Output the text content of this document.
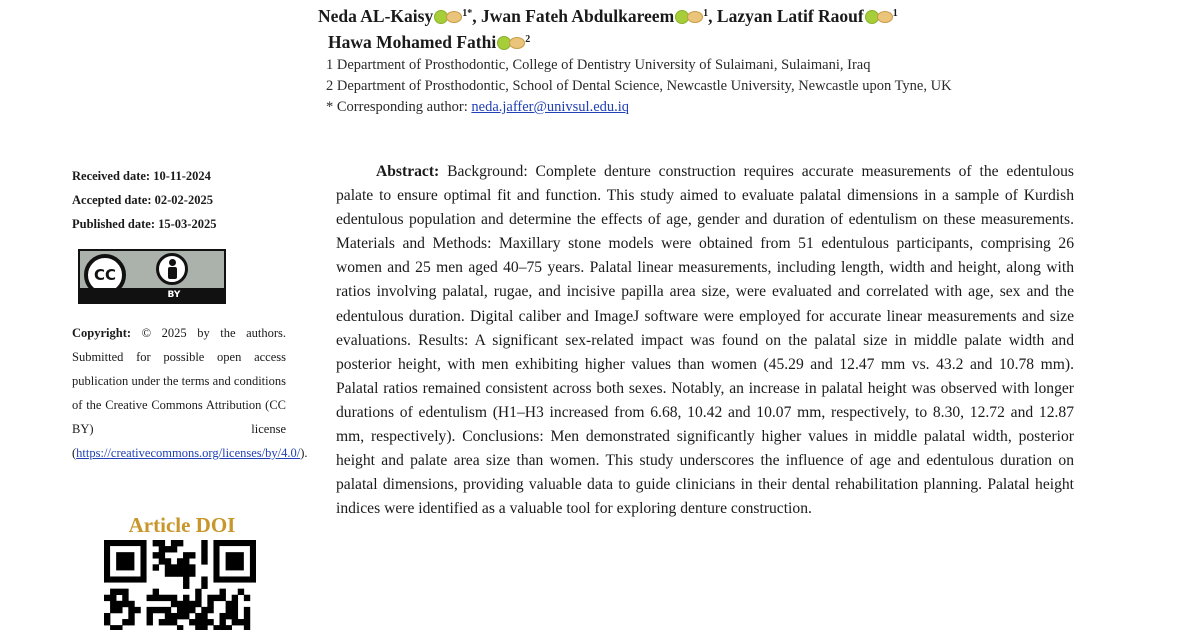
Neda AL-Kaisy	$^{1*}$, Jwan Fateh Abdulkareem	$^1$, Lazyan Latif Raouf	$^1$
Hawa Mohamed Fathi	$^2$
1 Department of Prosthodontic, College of Dentistry University of Sulaimani, Sulaimani, Iraq
2 Department of Prosthodontic, School of Dental Science, Newcastle University, Newcastle upon Tyne, UK
* Corresponding author: neda.jaffer@univsul.edu.iq
Received date: 10-11-2024
Accepted date: 02-02-2025
Published date: 15-03-2025
CC
BY
Copyright: © 2025 by the authors. Submitted for possible open access publication under the terms and conditions of the Creative Commons Attribution (CC BY) license (https://creativecommons.org/licenses/by/4.0/).
Article DOI
Abstract: Background: Complete denture construction requires accurate measurements of the edentulous palate to ensure optimal fit and function. This study aimed to evaluate palatal dimensions in a sample of Kurdish edentulous population and determine the effects of age, gender and duration of edentulism on these measurements. Materials and Methods: Maxillary stone models were obtained from 51 edentulous participants, comprising 26 women and 25 men aged 40–75 years. Palatal linear measurements, including length, width and height, along with ratios involving palatal, rugae, and incisive papilla area size, were evaluated and correlated with age, sex and the edentulous duration. Digital caliber and ImageJ software were employed for accurate linear measurements and size evaluations. Results: A significant sex-related impact was found on the palatal size in middle palate width and posterior height, with men exhibiting higher values than women (45.29 and 12.47 mm vs. 43.2 and 10.78 mm). Palatal ratios remained consistent across both sexes. Notably, an increase in palatal height was observed with longer durations of edentulism (H1–H3 increased from 6.68, 10.42 and 10.07 mm, respectively, to 8.30, 12.72 and 12.87 mm, respectively). Conclusions: Men demonstrated significantly higher values in middle palatal width, posterior height and palate area size than women. This study underscores the influence of age and edentulous duration on palatal dimensions, providing valuable data to guide clinicians in their dental rehabilitation planning. Palatal height indices were identified as a valuable tool for exploring denture construction.
